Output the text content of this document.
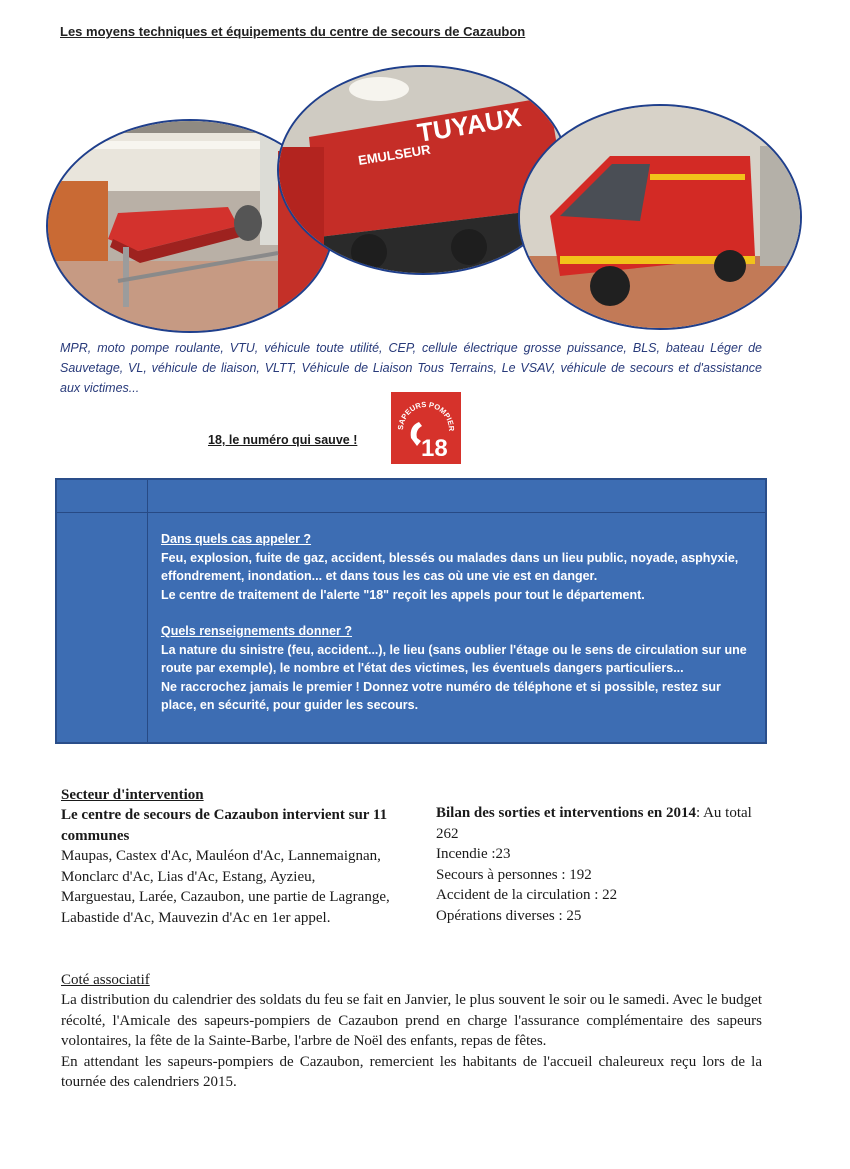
Les moyens techniques et équipements du centre de secours de Cazaubon
TUYAUX
EMULSEUR
MPR, moto pompe roulante, VTU, véhicule toute utilité, CEP, cellule électrique grosse puissance, BLS, bateau Léger de Sauvetage, VL, véhicule de liaison, VLTT, Véhicule de Liaison Tous Terrains, Le VSAV, véhicule de secours et d'assistance aux victimes...
18, le numéro qui sauve !
SAPEURS POMPIER
18

Dans quels cas appeler ?

Feu, explosion, fuite de gaz, accident, blessés ou malades dans un lieu public, noyade, asphyxie, effondrement, inondation... et dans tous les cas où une vie est en danger.

Le centre de traitement de l'alerte "18" reçoit les appels pour tout le département.

Quels renseignements donner ?

La nature du sinistre (feu, accident...), le lieu (sans oublier l'étage ou le sens de circulation sur une route par exemple), le nombre et l'état des victimes, les éventuels dangers particuliers...

Ne raccrochez jamais le premier ! Donnez votre numéro de téléphone et si possible, restez sur place, en sécurité, pour guider les secours.

Secteur d'intervention
Le centre de secours de Cazaubon intervient sur 11 communes
Maupas, Castex d'Ac, Mauléon d'Ac, Lannemaignan, Monclarc d'Ac, Lias d'Ac, Estang, Ayzieu, Marguestau, Larée, Cazaubon, une partie de Lagrange, Labastide d'Ac, Mauvezin d'Ac en 1er appel.
Bilan des sorties et interventions en 2014: Au total 262
Incendie :23
Secours à personnes : 192
Accident de la circulation : 22
Opérations diverses : 25
Coté associatif

La distribution du calendrier des soldats du feu se fait en Janvier, le plus souvent le soir ou le samedi. Avec le budget récolté, l'Amicale des sapeurs-pompiers de Cazaubon prend en charge l'assurance complémentaire des sapeurs volontaires, la fête de la Sainte-Barbe, l'arbre de Noël des enfants, repas de fêtes.

En attendant les sapeurs-pompiers de Cazaubon, remercient les habitants de l'accueil chaleureux reçu lors de la tournée des calendriers 2015.
